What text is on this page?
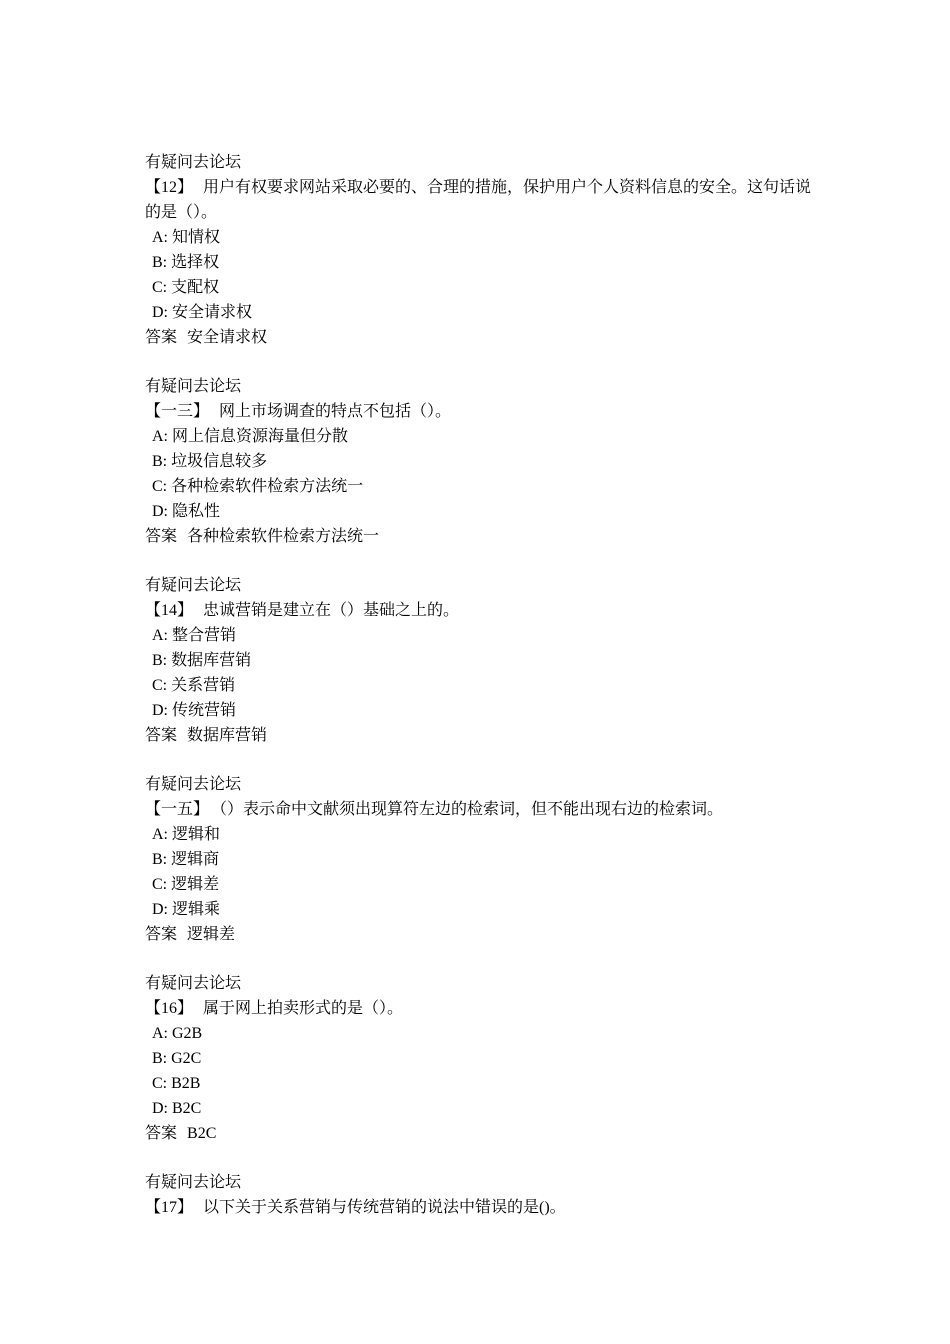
有疑问去论坛
【12】 用户有权要求网站采取必要的、合理的措施，保护用户个人资料信息的安全。这句话说的是（）。
A: 知情权
B: 选择权
C: 支配权
D: 安全请求权
答案 安全请求权
有疑问去论坛
【一三】 网上市场调查的特点不包括（）。
A: 网上信息资源海量但分散
B: 垃圾信息较多
C: 各种检索软件检索方法统一
D: 隐私性
答案 各种检索软件检索方法统一
有疑问去论坛
【14】 忠诚营销是建立在（）基础之上的。
A: 整合营销
B: 数据库营销
C: 关系营销
D: 传统营销
答案 数据库营销
有疑问去论坛
【一五】 （）表示命中文献须出现算符左边的检索词，但不能出现右边的检索词。
A: 逻辑和
B: 逻辑商
C: 逻辑差
D: 逻辑乘
答案 逻辑差
有疑问去论坛
【16】 属于网上拍卖形式的是（）。
A: G2B
B: G2C
C: B2B
D: B2C
答案 B2C
有疑问去论坛
【17】 以下关于关系营销与传统营销的说法中错误的是()。
